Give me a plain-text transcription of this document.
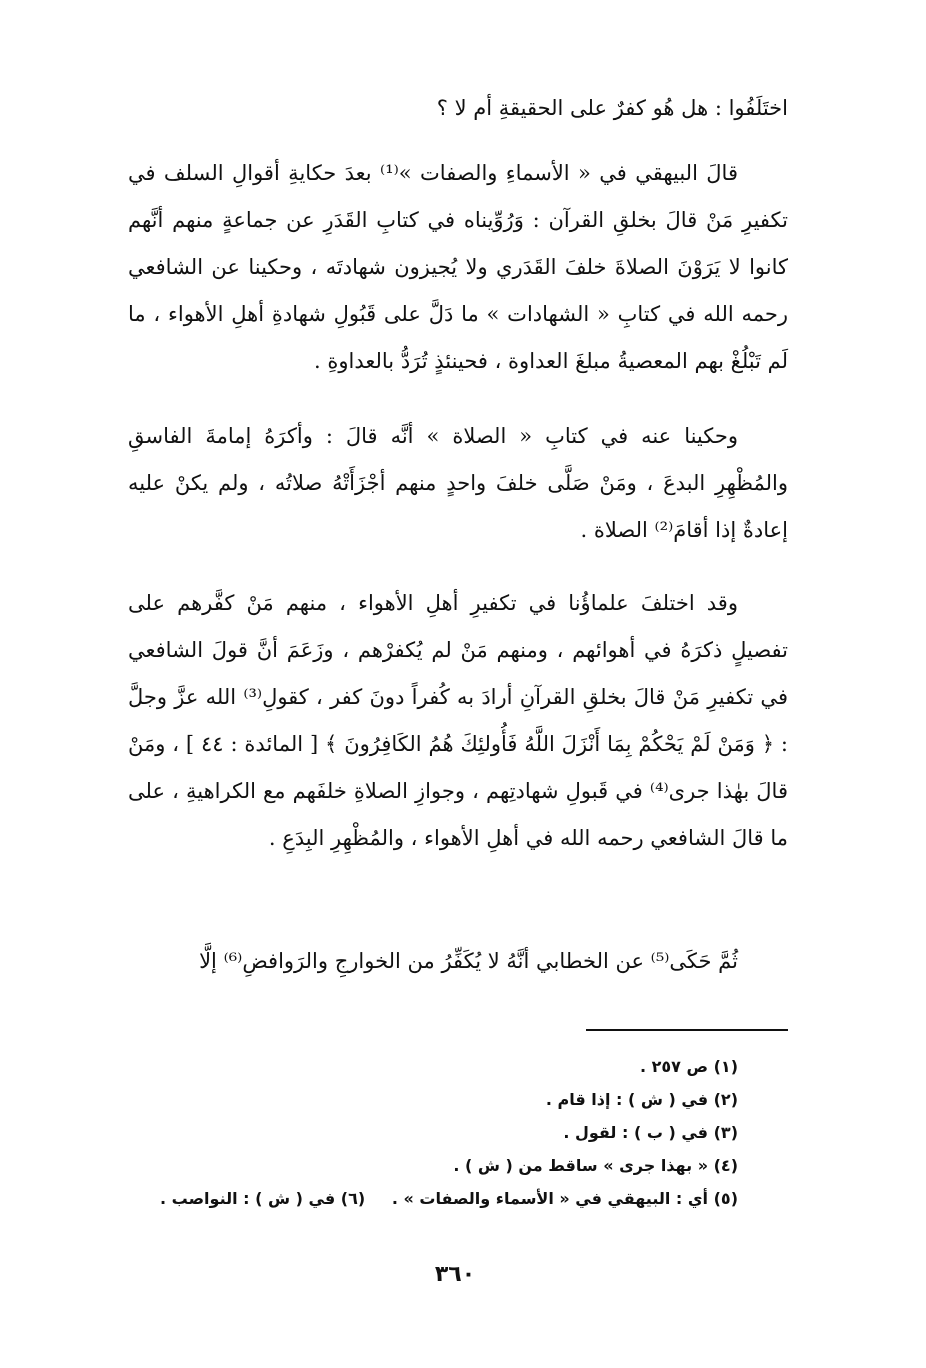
اختَلَفُوا : هل هُو كفرٌ على الحقيقةِ أم لا ؟

قالَ البيهقي في « الأسماءِ والصفات »⁽¹⁾ بعدَ حكايةِ أقوالِ السلف في تكفيرِ مَنْ قالَ بخلقِ القرآن : وَرُوِّيناه في كتابِ القَدَرِ عن جماعةٍ منهم أنَّهم كانوا لا يَرَوْنَ الصلاةَ خلفَ القَدَري ولا يُجيزون شهادتَه ، وحكينا عن الشافعي رحمه الله في كتابِ « الشهادات » ما دَلَّ على قَبُولِ شهادةِ أهلِ الأهواء ، ما لَم تَبْلُغْ بهم المعصيةُ مبلغَ العداوة ، فحينئذٍ تُرَدُّ بالعداوةِ .

وحكينا عنه في كتابِ « الصلاة » أنَّه قالَ : وأكرَهُ إمامةَ الفاسقِ والمُظْهِرِ البدعَ ، ومَنْ صَلَّى خلفَ واحدٍ منهم أجْزَأَتْهُ صلاتُه ، ولم يكنْ عليه إعادةٌ إذا أقامَ⁽²⁾ الصلاة .

وقد اختلفَ علماؤُنا في تكفيرِ أهلِ الأهواء ، منهم مَنْ كفَّرهم على تفصيلٍ ذكرَهُ في أهوائهم ، ومنهم مَنْ لم يُكفرْهم ، وزَعَمَ أنَّ قولَ الشافعي في تكفيرِ مَنْ قالَ بخلقِ القرآنِ أرادَ به كُفراً دونَ كفر ، كقولِ⁽³⁾ الله عزَّ وجلَّ : ﴿ وَمَنْ لَمْ يَحْكُمْ بِمَا أَنْزَلَ اللَّهُ فَأُولئِكَ هُمُ الكَافِرُونَ ﴾ [ المائدة : ٤٤ ] ، ومَنْ قالَ بهٰذا جرى⁽⁴⁾ في قَبولِ شهادتِهم ، وجوازِ الصلاةِ خلفَهم مع الكراهيةِ ، على ما قالَ الشافعي رحمه الله في أهلِ الأهواء ، والمُظْهِرِ البِدَعِ .

ثُمَّ حَكَى⁽⁵⁾ عن الخطابي أنَّهُ لا يُكَفِّرُ من الخوارجِ والرَوافضِ⁽⁶⁾ إلَّا

(١) ص ٢٥٧ .
(٢) في ( ش ) : إذا قام .
(٣) في ( ب ) : لقول .
(٤) « بهذا جرى » ساقط من ( ش ) .
(٥) أي : البيهقي في « الأسماء والصفات » .
(٦) في ( ش ) : النواصب .
٣٦٠
